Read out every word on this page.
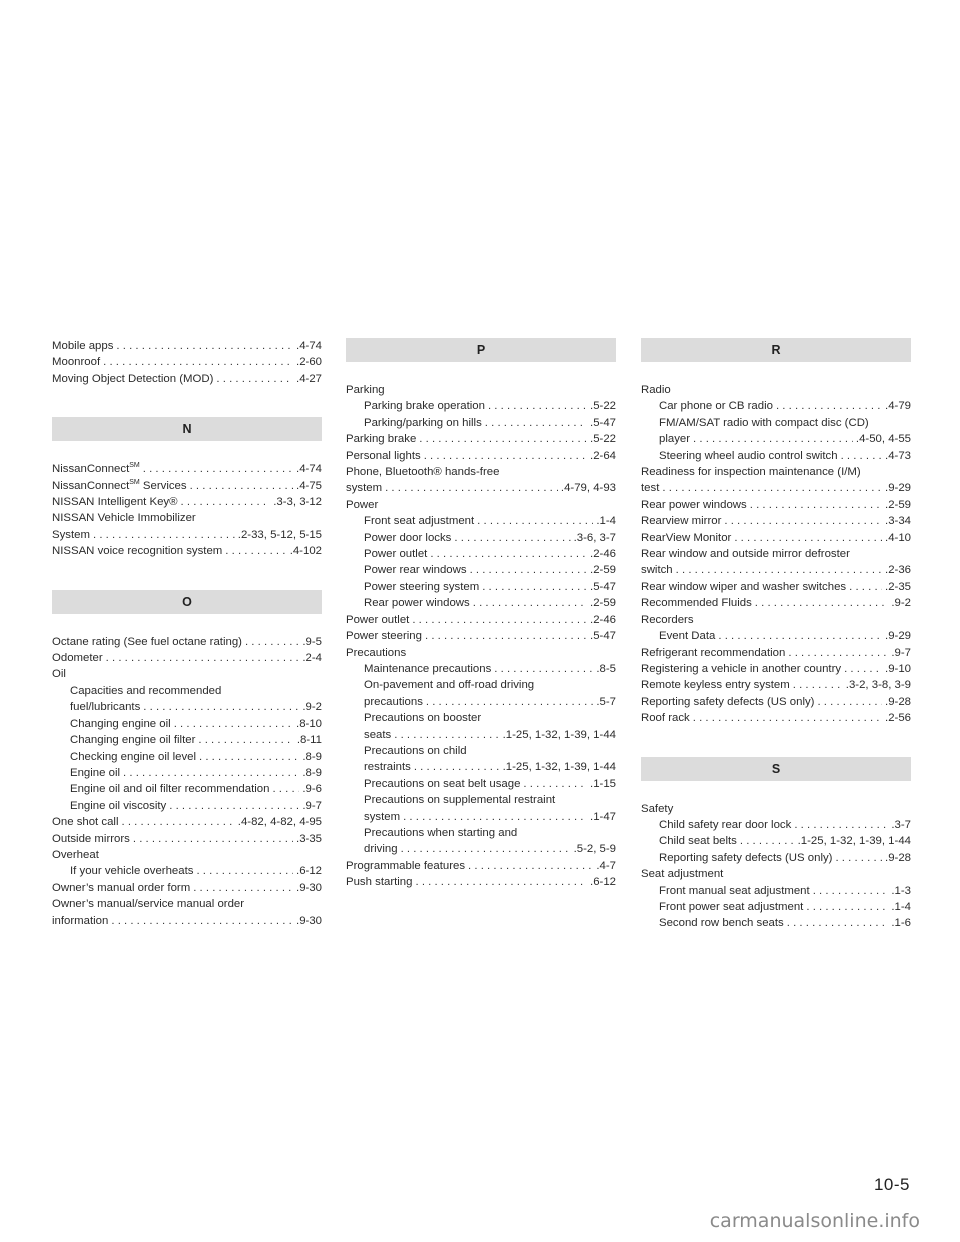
Mobile apps . . .	.4-74
Moonroof . . .	.2-60
Moving Object Detection (MOD) . . .	.4-27
N
NissanConnect℠ . . .	.4-74
NissanConnect℠ Services . . .	.4-75
NISSAN Intelligent Key® . . .	.3-3, 3-12
NISSAN Vehicle Immobilizer
System . . .	.2-33, 5-12, 5-15
NISSAN voice recognition system . . .	.4-102
O
Octane rating (See fuel octane rating) . . .	.9-5
Odometer . . .	.2-4
Oil
Capacities and recommended
fuel/lubricants . . .	.9-2
Changing engine oil . . .	.8-10
Changing engine oil filter . . .	.8-11
Checking engine oil level . . .	.8-9
Engine oil . . .	.8-9
Engine oil and oil filter recommendation . . .	.9-6
Engine oil viscosity . . .	.9-7
One shot call . . .	.4-82, 4-82, 4-95
Outside mirrors . . .	.3-35
Overheat
If your vehicle overheats . . .	.6-12
Owner’s manual order form . . .	.9-30
Owner’s manual/service manual order
information . . .	.9-30
P
Parking
Parking brake operation . . .	.5-22
Parking/parking on hills . . .	.5-47
Parking brake . . .	.5-22
Personal lights . . .	.2-64
Phone, Bluetooth® hands-free
system . . .	.4-79, 4-93
Power
Front seat adjustment . . .	.1-4
Power door locks . . .	.3-6, 3-7
Power outlet . . .	.2-46
Power rear windows . . .	.2-59
Power steering system . . .	.5-47
Rear power windows . . .	.2-59
Power outlet . . .	.2-46
Power steering . . .	.5-47
Precautions
Maintenance precautions . . .	.8-5
On-pavement and off-road driving
precautions . . .	.5-7
Precautions on booster
seats . . .	.1-25, 1-32, 1-39, 1-44
Precautions on child
restraints . . .	.1-25, 1-32, 1-39, 1-44
Precautions on seat belt usage . . .	.1-15
Precautions on supplemental restraint
system . . .	.1-47
Precautions when starting and
driving . . .	.5-2, 5-9
Programmable features . . .	.4-7
Push starting . . .	.6-12
R
Radio
Car phone or CB radio . . .	.4-79
FM/AM/SAT radio with compact disc (CD)
player . . .	.4-50, 4-55
Steering wheel audio control switch . . .	.4-73
Readiness for inspection maintenance (I/M)
test . . .	.9-29
Rear power windows . . .	.2-59
Rearview mirror . . .	.3-34
RearView Monitor . . .	.4-10
Rear window and outside mirror defroster
switch . . .	.2-36
Rear window wiper and washer switches . . .	.2-35
Recommended Fluids . . .	.9-2
Recorders
Event Data . . .	.9-29
Refrigerant recommendation . . .	.9-7
Registering a vehicle in another country . . .	.9-10
Remote keyless entry system . . .	.3-2, 3-8, 3-9
Reporting safety defects (US only) . . .	.9-28
Roof rack . . .	.2-56
S
Safety
Child safety rear door lock . . .	.3-7
Child seat belts . . .	.1-25, 1-32, 1-39, 1-44
Reporting safety defects (US only) . . .	.9-28
Seat adjustment
Front manual seat adjustment . . .	.1-3
Front power seat adjustment . . .	.1-4
Second row bench seats . . .	.1-6
10-5
carmanualsonline.info
